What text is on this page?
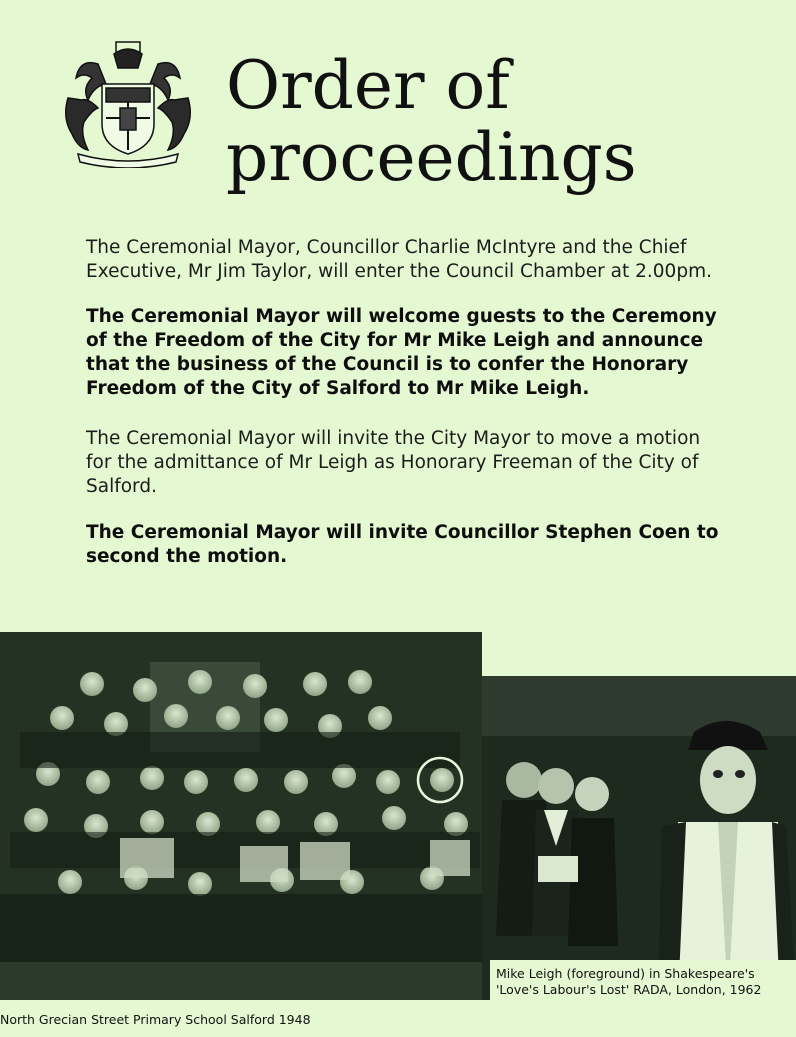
Order of
proceedings

The Ceremonial Mayor, Councillor Charlie McIntyre and the Chief Executive, Mr Jim Taylor, will enter the Council Chamber at 2.00pm.

The Ceremonial Mayor will welcome guests to the Ceremony of the Freedom of the City for Mr Mike Leigh and announce that the business of the Council is to confer the Honorary Freedom of the City of Salford to Mr Mike Leigh.

The Ceremonial Mayor will invite the City Mayor to move a motion for the admittance of Mr Leigh as Honorary Freeman of the City of Salford.

The Ceremonial Mayor will invite Councillor Stephen Coen to second the motion.

Mike Leigh (foreground) in Shakespeare's 'Love's Labour's Lost' RADA, London, 1962
North Grecian Street Primary School Salford 1948
